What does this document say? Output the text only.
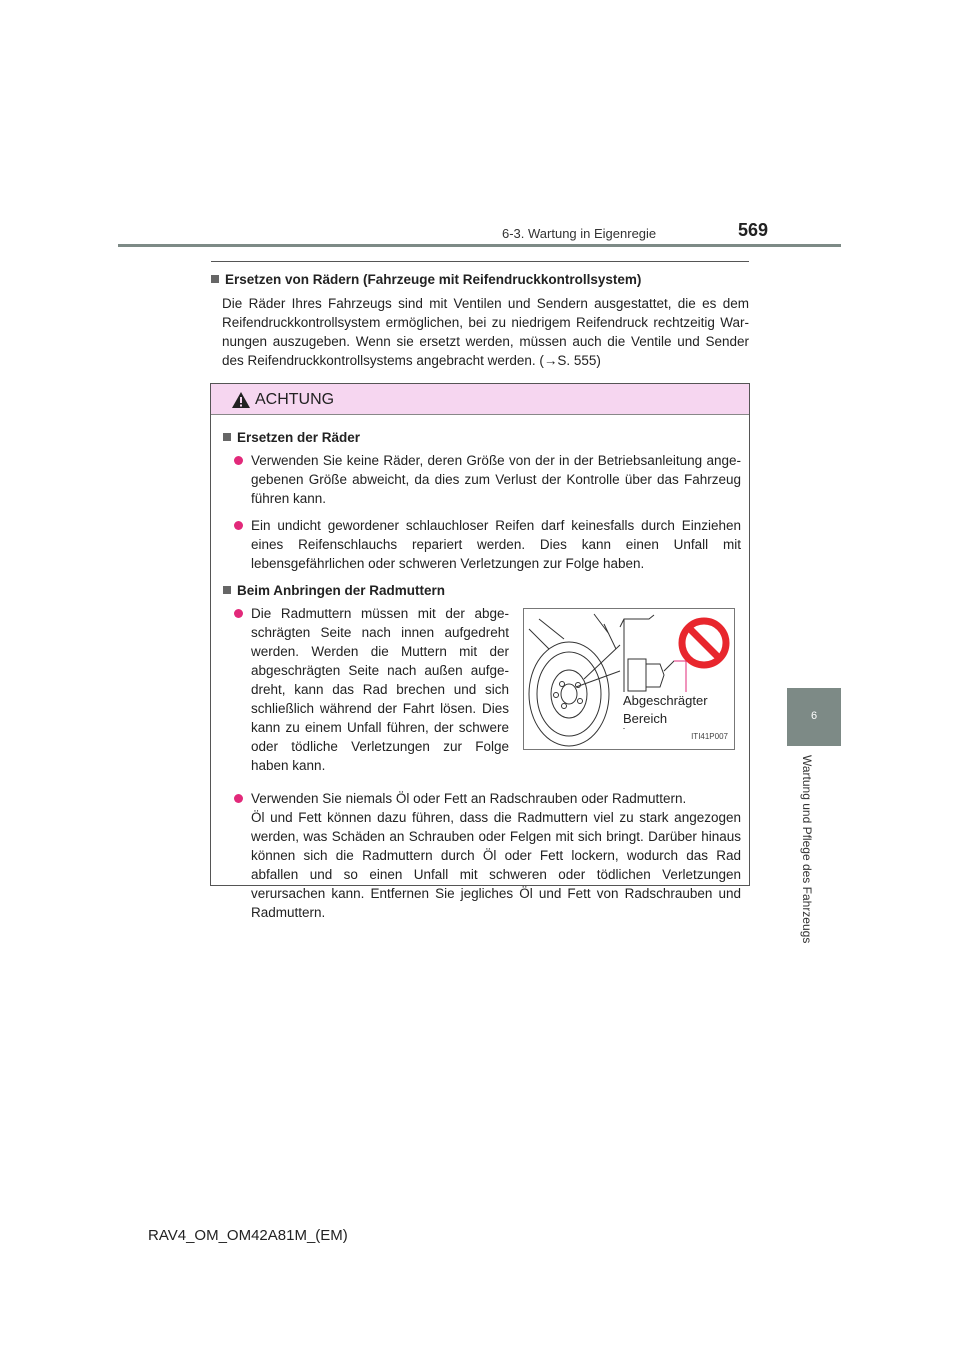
6-3. Wartung in Eigenregie	569
6
Wartung und Pflege des Fahrzeugs
Ersetzen von Rädern (Fahrzeuge mit Reifendruckkontrollsystem)

Die Räder Ihres Fahrzeugs sind mit Ventilen und Sendern ausgestattet, die es dem Reifendruckkontrollsystem ermöglichen, bei zu niedrigem Reifendruck rechtzeitig Warnungen auszugeben. Wenn sie ersetzt werden, müssen auch die Ventile und Sender des Reifendruckkontrollsystems angebracht werden. (→S. 555)

ACHTUNG
Ersetzen der Räder
Verwenden Sie keine Räder, deren Größe von der in der Betriebsanleitung angegebenen Größe abweicht, da dies zum Verlust der Kontrolle über das Fahrzeug führen kann.
Ein undicht gewordener schlauchloser Reifen darf keinesfalls durch Einziehen eines Reifenschlauchs repariert werden. Dies kann einen Unfall mit lebensgefährlichen oder schweren Verletzungen zur Folge haben.
Beim Anbringen der Radmuttern
Die Radmuttern müssen mit der abgeschrägten Seite nach innen aufgedreht werden. Werden die Muttern mit der abgeschrägten Seite nach außen aufgedreht, kann das Rad brechen und sich schließlich während der Fahrt lösen. Dies kann zu einem Unfall führen, der schwere oder tödliche Verletzungen zur Folge haben kann.
Abgeschrägter
Bereich
ITI41P007
Verwenden Sie niemals Öl oder Fett an Radschrauben oder Radmuttern.
Öl und Fett können dazu führen, dass die Radmuttern viel zu stark angezogen werden, was Schäden an Schrauben oder Felgen mit sich bringt. Darüber hinaus können sich die Radmuttern durch Öl oder Fett lockern, wodurch das Rad abfallen und so einen Unfall mit schweren oder tödlichen Verletzungen verursachen kann. Entfernen Sie jegliches Öl und Fett von Radschrauben und Radmuttern.
RAV4_OM_OM42A81M_(EM)
